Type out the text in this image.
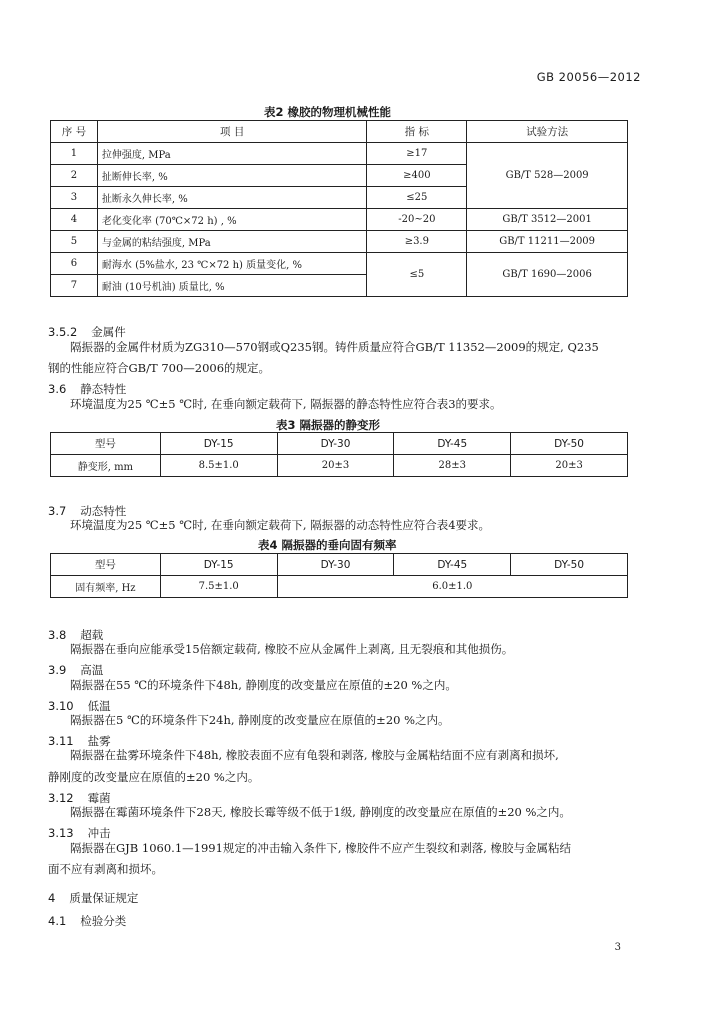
GB 20056—2012
表2 橡胶的物理机械性能
序 号	项 目	指 标	试验方法
1	拉伸强度, MPa	≥17	GB/T 528—2009
2	扯断伸长率, %	≥400	
3	扯断永久伸长率, %	≤25	
4	老化变化率 (70℃×72 h) , %	-20~20	GB/T 3512—2001
5	与金属的粘结强度, MPa	≥3.9	GB/T 11211—2009
6	耐海水 (5%盐水, 23 ℃×72 h) 质量变化, %	≤5	GB/T 1690—2006
7	耐油 (10号机油) 质量比, %		
3.5.2 金属件
隔振器的金属件材质为ZG310—570钢或Q235钢。铸件质量应符合GB/T 11352—2009的规定, Q235
钢的性能应符合GB/T 700—2006的规定。
3.6 静态特性
环境温度为25 ℃±5 ℃时, 在垂向额定载荷下, 隔振器的静态特性应符合表3的要求。
表3 隔振器的静变形
型号	DY-15	DY-30	DY-45	DY-50
静变形, mm	8.5±1.0	20±3	28±3	20±3
3.7 动态特性
环境温度为25 ℃±5 ℃时, 在垂向额定载荷下, 隔振器的动态特性应符合表4要求。
表4 隔振器的垂向固有频率
型号	DY-15	DY-30	DY-45	DY-50
固有频率, Hz	7.5±1.0	6.0±1.0		
3.8 超载
隔振器在垂向应能承受15倍额定载荷, 橡胶不应从金属件上剥离, 且无裂痕和其他损伤。
3.9 高温
隔振器在55 ℃的环境条件下48h, 静刚度的改变量应在原值的±20 %之内。
3.10 低温
隔振器在5 ℃的环境条件下24h, 静刚度的改变量应在原值的±20 %之内。
3.11 盐雾
隔振器在盐雾环境条件下48h, 橡胶表面不应有龟裂和剥落, 橡胶与金属粘结面不应有剥离和损坏,
静刚度的改变量应在原值的±20 %之内。
3.12 霉菌
隔振器在霉菌环境条件下28天, 橡胶长霉等级不低于1级, 静刚度的改变量应在原值的±20 %之内。
3.13 冲击
隔振器在GJB 1060.1—1991规定的冲击输入条件下, 橡胶件不应产生裂纹和剥落, 橡胶与金属粘结
面不应有剥离和损坏。
4 质量保证规定
4.1 检验分类
3
